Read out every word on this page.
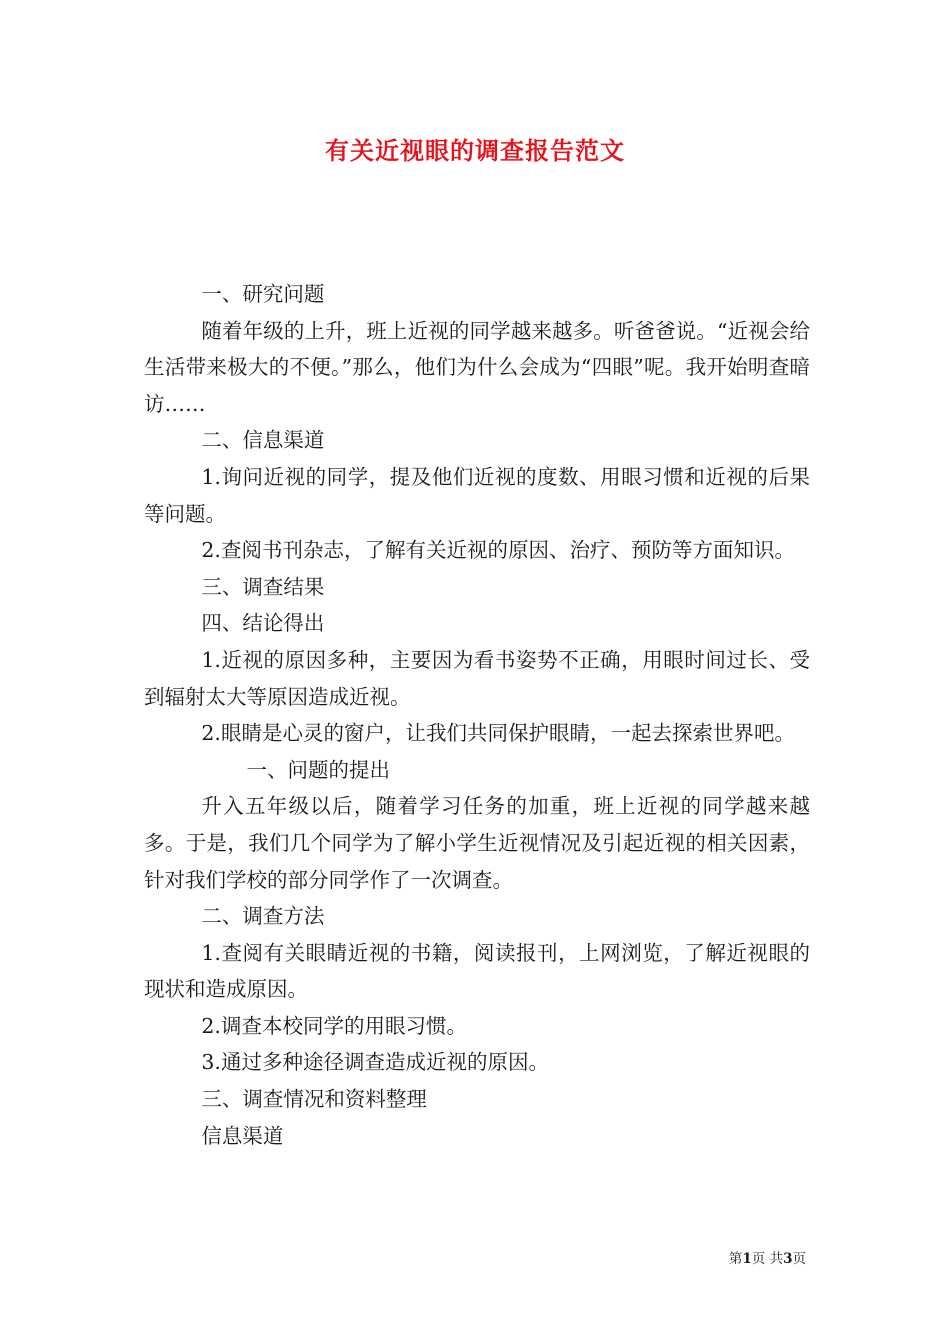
有关近视眼的调查报告范文

一、研究问题

随着年级的上升，班上近视的同学越来越多。听爸爸说。“近视会给生活带来极大的不便。”那么，他们为什么会成为“四眼”呢。我开始明查暗访……

二、信息渠道

1.询问近视的同学，提及他们近视的度数、用眼习惯和近视的后果等问题。

2.查阅书刊杂志，了解有关近视的原因、治疗、预防等方面知识。

三、调查结果

四、结论得出

1.近视的原因多种，主要因为看书姿势不正确，用眼时间过长、受到辐射太大等原因造成近视。

2.眼睛是心灵的窗户，让我们共同保护眼睛，一起去探索世界吧。

一、问题的提出

升入五年级以后，随着学习任务的加重，班上近视的同学越来越多。于是，我们几个同学为了解小学生近视情况及引起近视的相关因素，针对我们学校的部分同学作了一次调查。

二、调查方法

1.查阅有关眼睛近视的书籍，阅读报刊，上网浏览，了解近视眼的现状和造成原因。

2.调查本校同学的用眼习惯。

3.通过多种途径调查造成近视的原因。

三、调查情况和资料整理

信息渠道

第1页 共3页
